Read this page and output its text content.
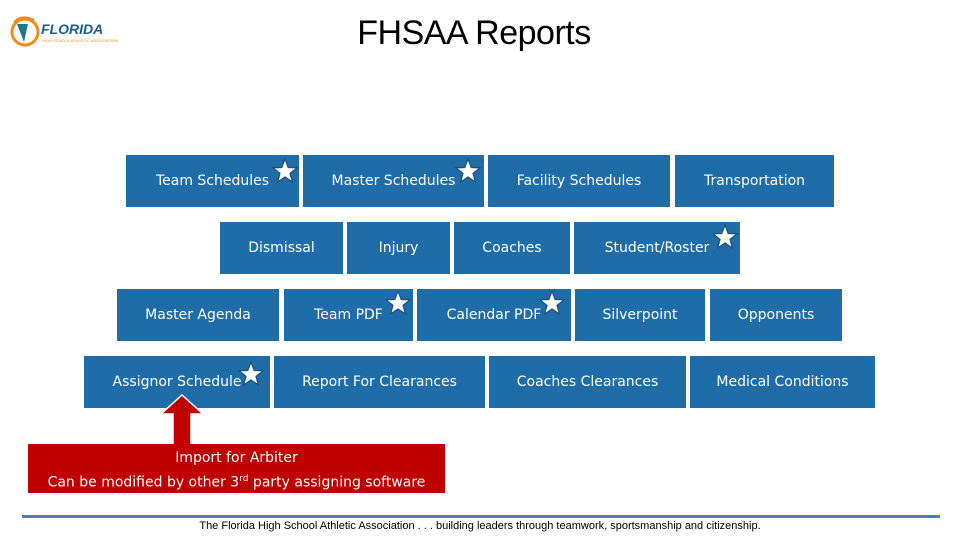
FLORIDA
HIGH SCHOOL ATHLETIC ASSOCIATION	FHSAA Reports
Team Schedules	Master Schedules	Facility Schedules	Transportation
Dismissal	Injury	Coaches	Student/Roster
Master Agenda	Team PDF	Calendar PDF	Silverpoint	Opponents
Assignor Schedule	Report For Clearances	Coaches Clearances	Medical Conditions
Import for Arbiter
Can be modified by other 3rd party assigning software
The Florida High School Athletic Association . . . building leaders through teamwork, sportsmanship and citizenship.
